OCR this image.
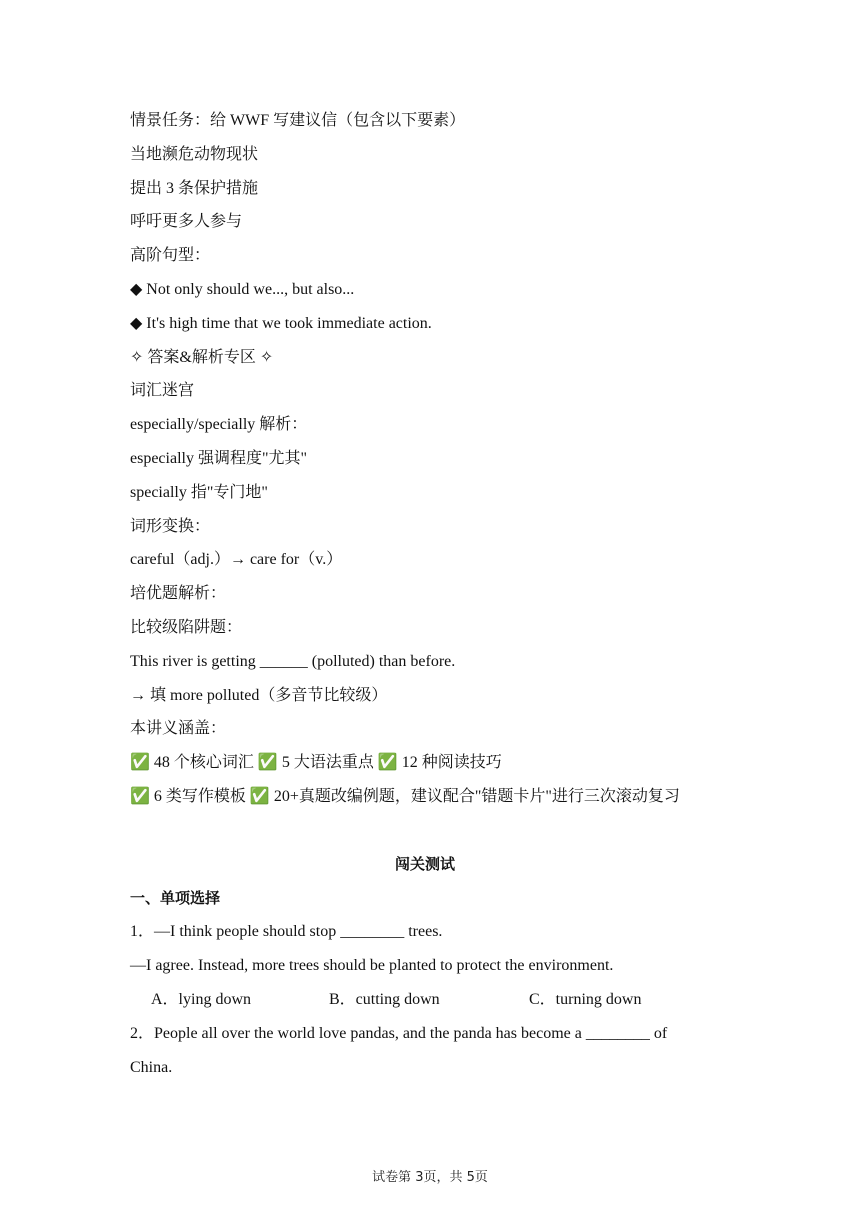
情景任务：给 WWF 写建议信（包含以下要素）
当地濒危动物现状
提出 3 条保护措施
呼吁更多人参与
高阶句型：
◆ Not only should we..., but also...
◆ It's high time that we took immediate action.
✧ 答案&解析专区 ✧
词汇迷宫
especially/specially 解析：
especially 强调程度"尤其"
specially 指"专门地"
词形变换：
careful（adj.）→ care for（v.）
培优题解析：
比较级陷阱题：
This river is getting ______ (polluted) than before.
→ 填 more polluted（多音节比较级）
本讲义涵盖：
✅ 48 个核心词汇 ✅ 5 大语法重点 ✅ 12 种阅读技巧
✅ 6 类写作模板 ✅ 20+真题改编例题，建议配合"错题卡片"进行三次滚动复习
闯关测试
一、单项选择
1．—I think people should stop ________ trees.
—I agree. Instead, more trees should be planted to protect the environment.
A．lying down	B．cutting down	C．turning down
2．People all over the world love pandas, and the panda has become a ________ of
China.
试卷第 3页，共 5页
